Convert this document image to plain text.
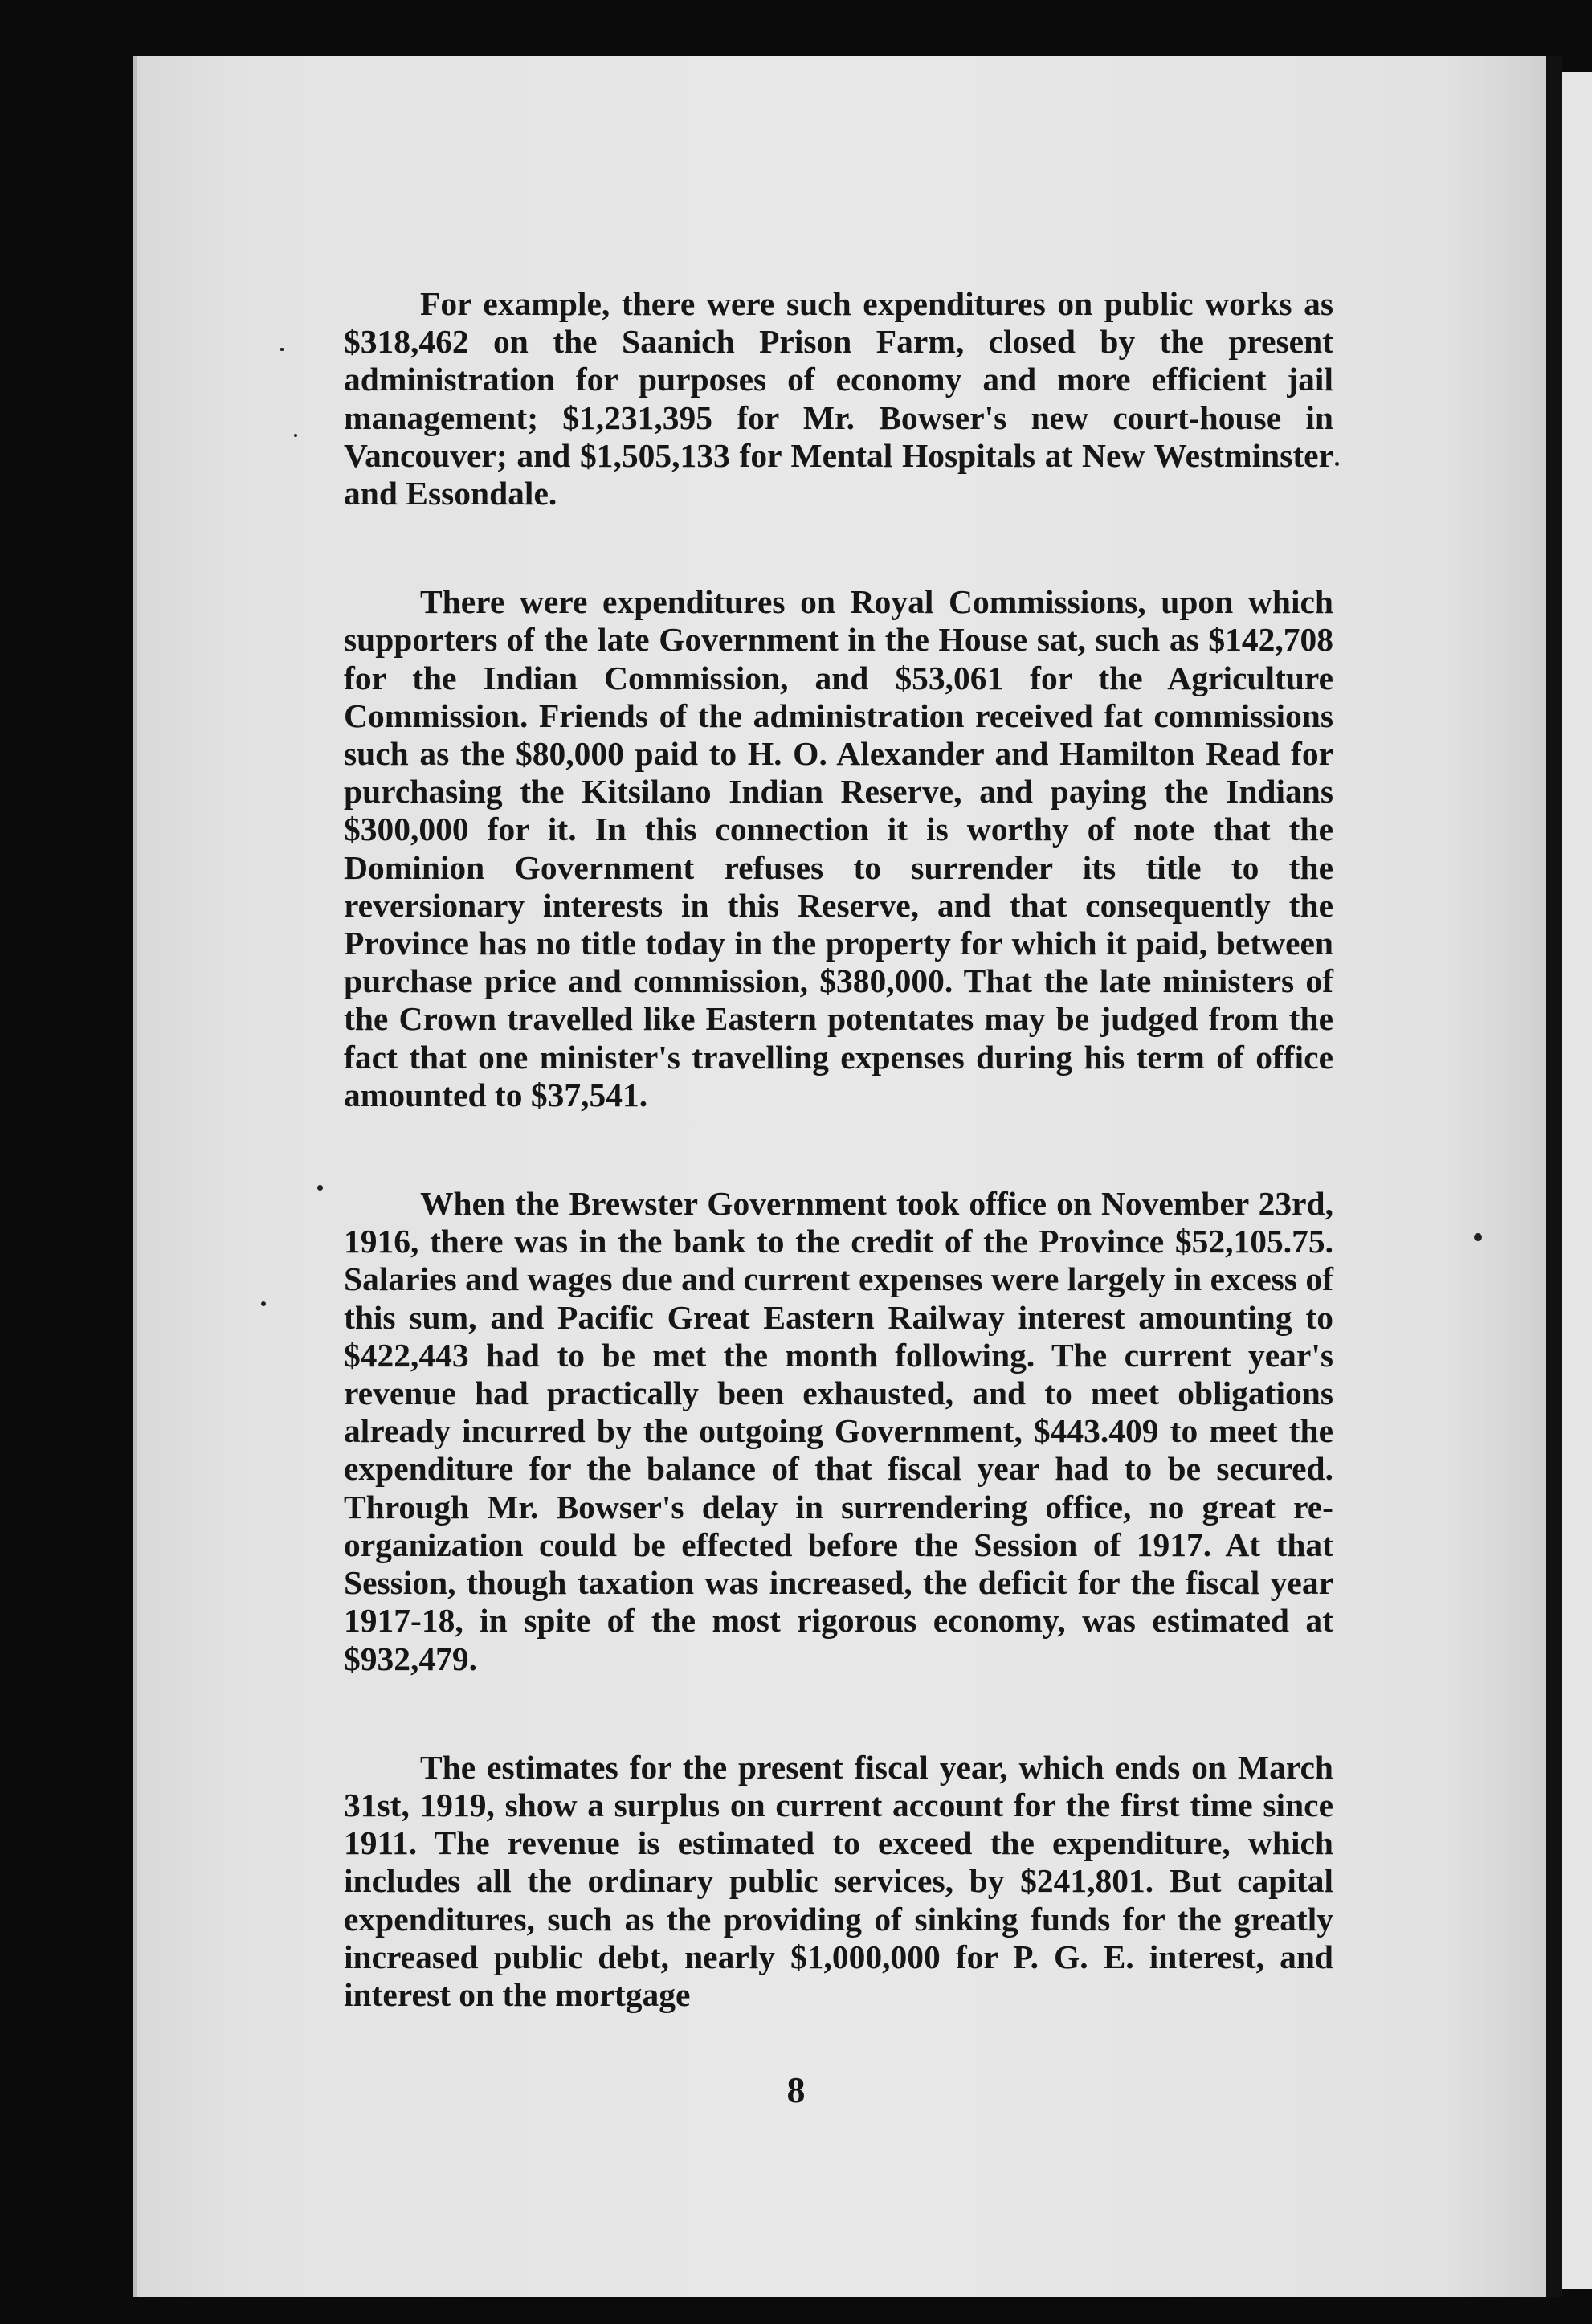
For example, there were such expenditures on public works as $318,462 on the Saanich Prison Farm, closed by the present administration for purposes of economy and more efficient jail management; $1,231,395 for Mr. Bowser's new court-house in Vancouver; and $1,505,133 for Mental Hospitals at New Westminster and Essondale.

There were expenditures on Royal Commissions, upon which supporters of the late Government in the House sat, such as $142,708 for the Indian Commission, and $53,061 for the Agriculture Commission. Friends of the administration received fat commissions such as the $80,000 paid to H. O. Alexander and Hamilton Read for purchasing the Kitsilano Indian Reserve, and paying the Indians $300,000 for it. In this connection it is worthy of note that the Dominion Government refuses to surrender its title to the reversionary interests in this Reserve, and that consequently the Province has no title today in the property for which it paid, between purchase price and commission, $380,000. That the late ministers of the Crown travelled like Eastern potentates may be judged from the fact that one minister's travelling expenses during his term of office amounted to $37,541.

When the Brewster Government took office on November 23rd, 1916, there was in the bank to the credit of the Province $52,105.75. Salaries and wages due and current expenses were largely in excess of this sum, and Pacific Great Eastern Railway interest amounting to $422,443 had to be met the month following. The current year's revenue had practically been exhausted, and to meet obligations already incurred by the outgoing Government, $443.409 to meet the expenditure for the balance of that fiscal year had to be secured. Through Mr. Bowser's delay in surrendering office, no great re-organization could be effected before the Session of 1917. At that Session, though taxation was increased, the deficit for the fiscal year 1917-18, in spite of the most rigorous economy, was estimated at $932,479.

The estimates for the present fiscal year, which ends on March 31st, 1919, show a surplus on current account for the first time since 1911. The revenue is estimated to exceed the expenditure, which includes all the ordinary public services, by $241,801. But capital expenditures, such as the providing of sinking funds for the greatly increased public debt, nearly $1,000,000 for P. G. E. interest, and interest on the mortgage

8
